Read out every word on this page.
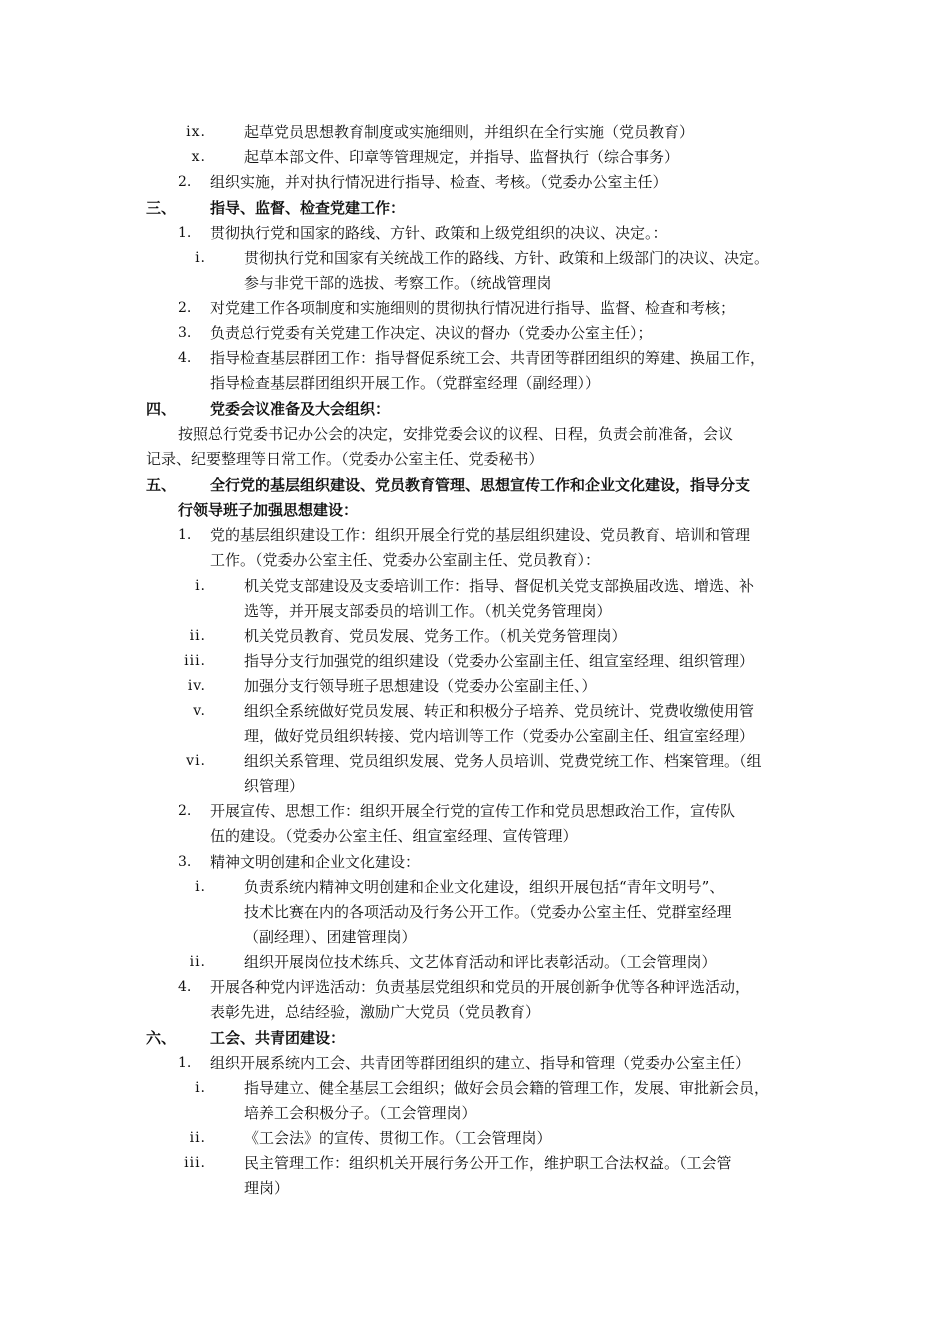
ix.	起草党员思想教育制度或实施细则，并组织在全行实施（党员教育）
x.	起草本部文件、印章等管理规定，并指导、监督执行（综合事务）
2. 组织实施，并对执行情况进行指导、检查、考核。（党委办公室主任）
三、 指导、监督、检查党建工作：
1. 贯彻执行党和国家的路线、方针、政策和上级党组织的决议、决定。：
i.	贯彻执行党和国家有关统战工作的路线、方针、政策和上级部门的决议、决定。
参与非党干部的选拔、考察工作。（统战管理岗
2. 对党建工作各项制度和实施细则的贯彻执行情况进行指导、监督、检查和考核；
3. 负责总行党委有关党建工作决定、决议的督办（党委办公室主任）；
4. 指导检查基层群团工作：指导督促系统工会、共青团等群团组织的筹建、换届工作，
指导检查基层群团组织开展工作。（党群室经理（副经理））
四、 党委会议准备及大会组织：
按照总行党委书记办公会的决定，安排党委会议的议程、日程，负责会前准备，会议
记录、纪要整理等日常工作。（党委办公室主任、党委秘书）
五、 全行党的基层组织建设、党员教育管理、思想宣传工作和企业文化建设，指导分支
行领导班子加强思想建设：
1. 党的基层组织建设工作：组织开展全行党的基层组织建设、党员教育、培训和管理
工作。（党委办公室主任、党委办公室副主任、党员教育）：
i.	机关党支部建设及支委培训工作：指导、督促机关党支部换届改选、增选、补
选等，并开展支部委员的培训工作。（机关党务管理岗）
ii.	机关党员教育、党员发展、党务工作。（机关党务管理岗）
iii.	指导分支行加强党的组织建设（党委办公室副主任、组宣室经理、组织管理）
iv.	加强分支行领导班子思想建设（党委办公室副主任、）
v.	组织全系统做好党员发展、转正和积极分子培养、党员统计、党费收缴使用管
理，做好党员组织转接、党内培训等工作（党委办公室副主任、组宣室经理）
vi.	组织关系管理、党员组织发展、党务人员培训、党费党统工作、档案管理。（组
织管理）
2. 开展宣传、思想工作：组织开展全行党的宣传工作和党员思想政治工作，宣传队
伍的建设。（党委办公室主任、组宣室经理、宣传管理）
3. 精神文明创建和企业文化建设：
i.	负责系统内精神文明创建和企业文化建设，组织开展包括“青年文明号”、
技术比赛在内的各项活动及行务公开工作。（党委办公室主任、党群室经理
（副经理）、团建管理岗）
ii.	组织开展岗位技术练兵、文艺体育活动和评比表彰活动。（工会管理岗）
4. 开展各种党内评选活动：负责基层党组织和党员的开展创新争优等各种评选活动，
表彰先进，总结经验，激励广大党员（党员教育）
六、 工会、共青团建设：
1. 组织开展系统内工会、共青团等群团组织的建立、指导和管理（党委办公室主任）
i.	指导建立、健全基层工会组织；做好会员会籍的管理工作，发展、审批新会员，
培养工会积极分子。（工会管理岗）
ii.	《工会法》的宣传、贯彻工作。（工会管理岗）
iii.	民主管理工作：组织机关开展行务公开工作，维护职工合法权益。（工会管
理岗）
